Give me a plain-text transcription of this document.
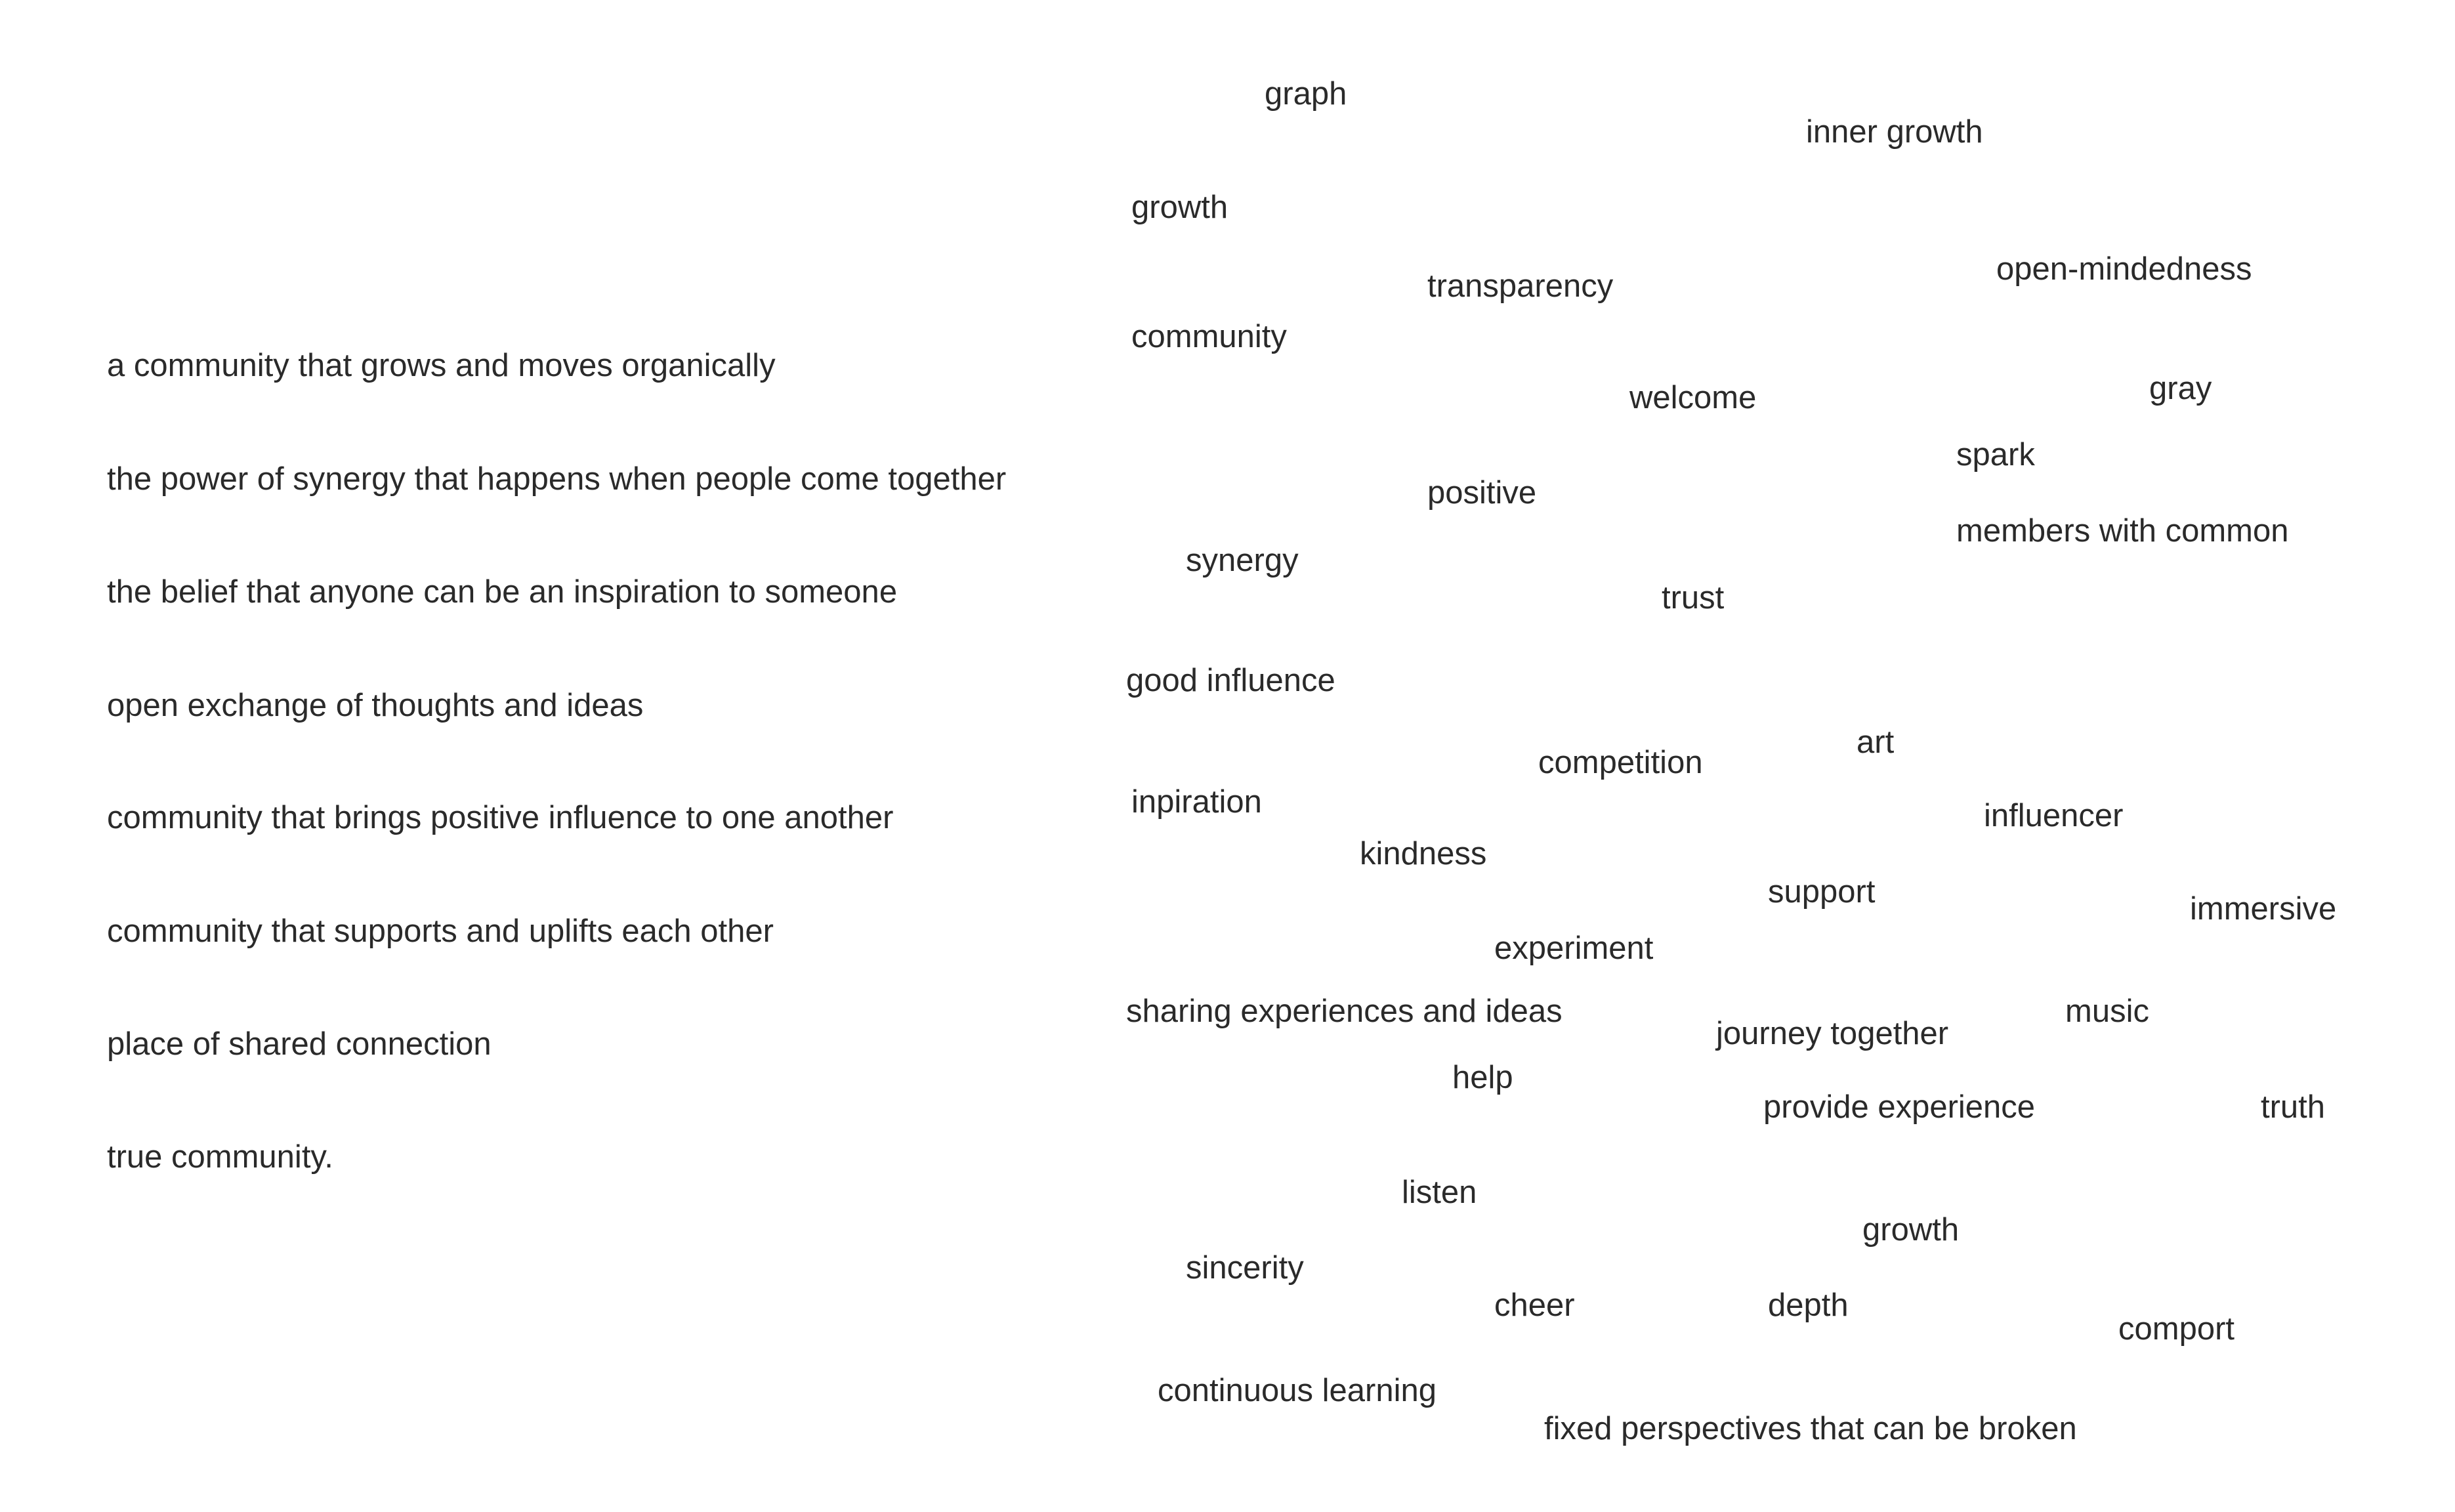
a community that grows and moves organically
the power of synergy that happens when people come together
the belief that anyone can be an inspiration to someone
open exchange of thoughts and ideas
community that brings positive influence to one another
community that supports and uplifts each other
place of shared connection
true community.
graph
inner growth
growth
transparency	open-mindedness
community
welcome	gray
spark
positive
members with common
synergy
trust
good influence
art
competition
inpiration	influencer
kindness
support	immersive
experiment
sharing experiences and ideas	music
journey together
help
provide experience	truth
listen
growth
sincerity
cheer	depth
comport
continuous learning
fixed perspectives that can be broken
